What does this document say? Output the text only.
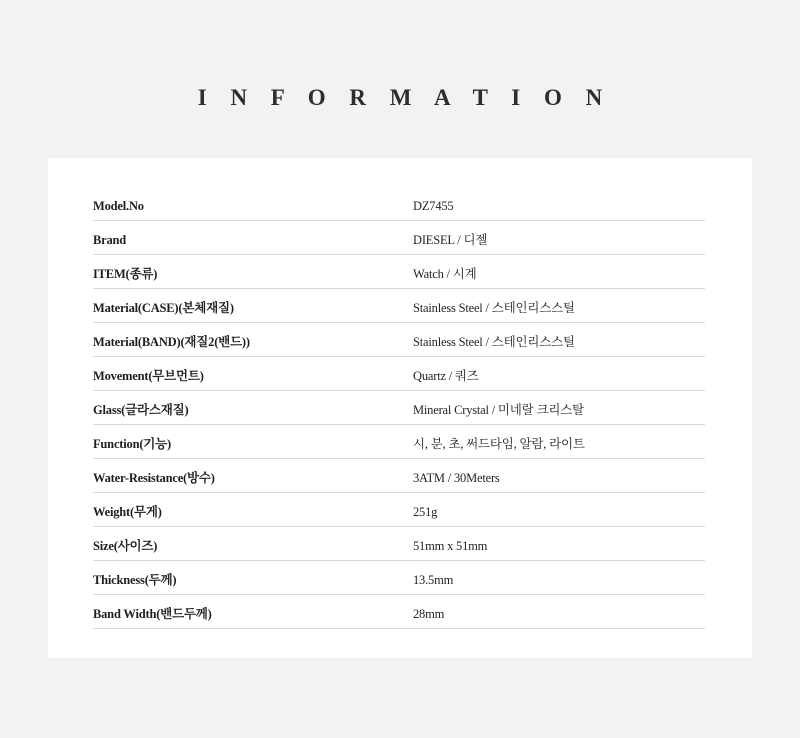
I N F O R M A T I O N
Model.No	DZ7455
Brand	DIESEL / 디젤
ITEM(종류)	Watch / 시계
Material(CASE)(본체재질)	Stainless Steel / 스테인리스스틸
Material(BAND)(재질2(밴드))	Stainless Steel / 스테인리스스틸
Movement(무브먼트)	Quartz / 쿼즈
Glass(글라스재질)	Mineral Crystal / 미네랄 크리스탈
Function(기능)	시, 분, 초, 써드타임, 알람, 라이트
Water-Resistance(방수)	3ATM / 30Meters
Weight(무게)	251g
Size(사이즈)	51mm x 51mm
Thickness(두께)	13.5mm
Band Width(밴드두께)	28mm
